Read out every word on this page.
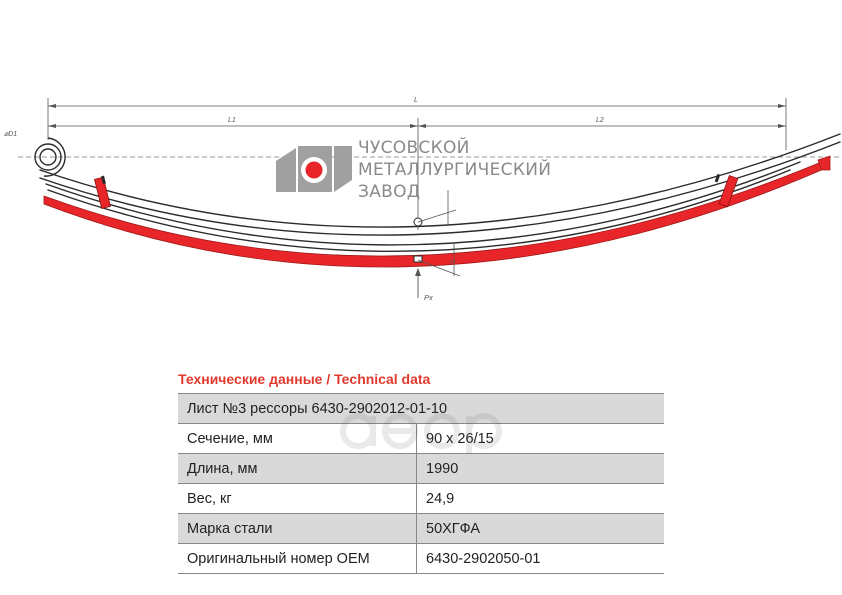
L
L1	L2
⌀D1
H
Px
ЧУСОВСКОЙ
МЕТАЛЛУРГИЧЕСКИЙ
ЗАВОД
Технические данные / Technical data
Лист №3 рессоры 6430-2902012-01-10	
Сечение, мм	90 x 26/15
Длина, мм	1990
Вес, кг	24,9
Марка стали	50ХГФА
Оригинальный номер OEM	6430-2902050-01
